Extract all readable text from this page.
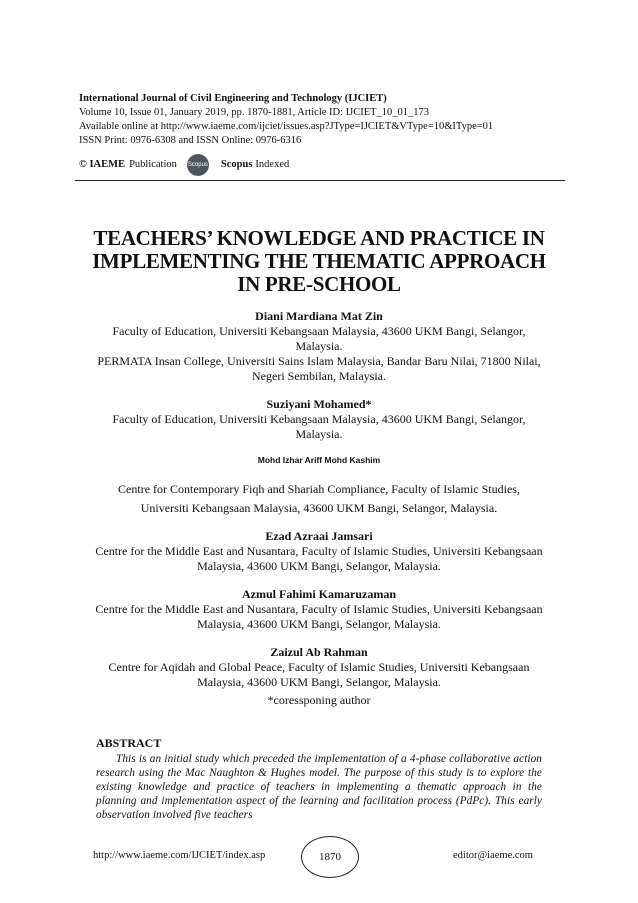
International Journal of Civil Engineering and Technology (IJCIET)
Volume 10, Issue 01, January 2019, pp. 1870-1881, Article ID: IJCIET_10_01_173
Available online at http://www.iaeme.com/ijciet/issues.asp?JType=IJCIET&VType=10&IType=01
ISSN Print: 0976-6308 and ISSN Online: 0976-6316
© IAEME Publication Scopus Scopus Indexed
TEACHERS’ KNOWLEDGE AND PRACTICE IN
IMPLEMENTING THE THEMATIC APPROACH
IN PRE-SCHOOL

Diani Mardiana Mat Zin

Faculty of Education, Universiti Kebangsaan Malaysia, 43600 UKM Bangi, Selangor,

Malaysia.

PERMATA Insan College, Universiti Sains Islam Malaysia, Bandar Baru Nilai, 71800 Nilai,

Negeri Sembilan, Malaysia.

Suziyani Mohamed*

Faculty of Education, Universiti Kebangsaan Malaysia, 43600 UKM Bangi, Selangor,

Malaysia.

Mohd Izhar Ariff Mohd Kashim

Centre for Contemporary Fiqh and Shariah Compliance, Faculty of Islamic Studies,

Universiti Kebangsaan Malaysia, 43600 UKM Bangi, Selangor, Malaysia.

Ezad Azraai Jamsari

Centre for the Middle East and Nusantara, Faculty of Islamic Studies, Universiti Kebangsaan

Malaysia, 43600 UKM Bangi, Selangor, Malaysia.

Azmul Fahimi Kamaruzaman

Centre for the Middle East and Nusantara, Faculty of Islamic Studies, Universiti Kebangsaan

Malaysia, 43600 UKM Bangi, Selangor, Malaysia.

Zaizul Ab Rahman

Centre for Aqidah and Global Peace, Faculty of Islamic Studies, Universiti Kebangsaan

Malaysia, 43600 UKM Bangi, Selangor, Malaysia.

*coressponing author

ABSTRACT

This is an initial study which preceded the implementation of a 4-phase collaborative action research using the Mac Naughton & Hughes model. The purpose of this study is to explore the existing knowledge and practice of teachers in implementing a thematic approach in the planning and implementation aspect of the learning and facilitation process (PdPc). This early observation involved five teachers

http://www.iaeme.com/IJCIET/index.asp	1870	editor@iaeme.com
